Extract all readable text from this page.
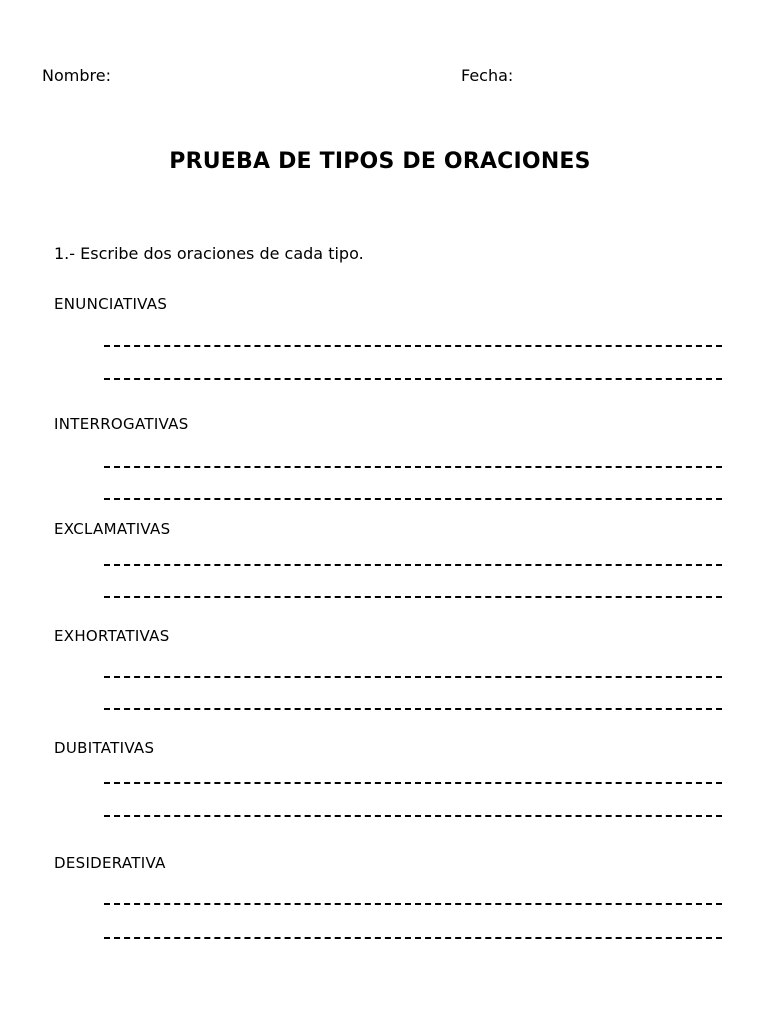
Nombre:	Fecha:
PRUEBA DE TIPOS DE ORACIONES
1.- Escribe dos oraciones de cada tipo.
ENUNCIATIVAS
INTERROGATIVAS
EXCLAMATIVAS
EXHORTATIVAS
DUBITATIVAS
DESIDERATIVA
